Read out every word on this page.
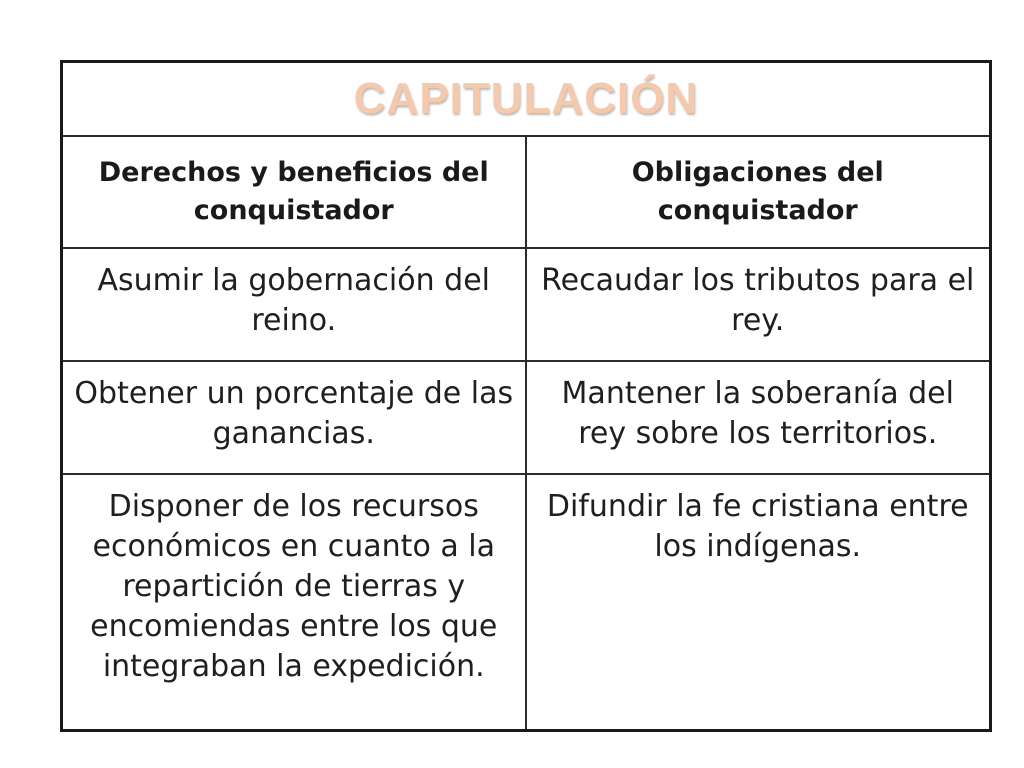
CAPITULACIÓN	

Derechos y beneficios del conquistador	Obligaciones del conquistador

Asumir la gobernación del reino.	Recaudar los tributos para el rey.

Obtener un porcentaje de las ganancias.	Mantener la soberanía del rey sobre los territorios.

Disponer de los recursos económicos en cuanto a la repartición de tierras y encomiendas entre los que integraban la expedición.	Difundir la fe cristiana entre los indígenas.
